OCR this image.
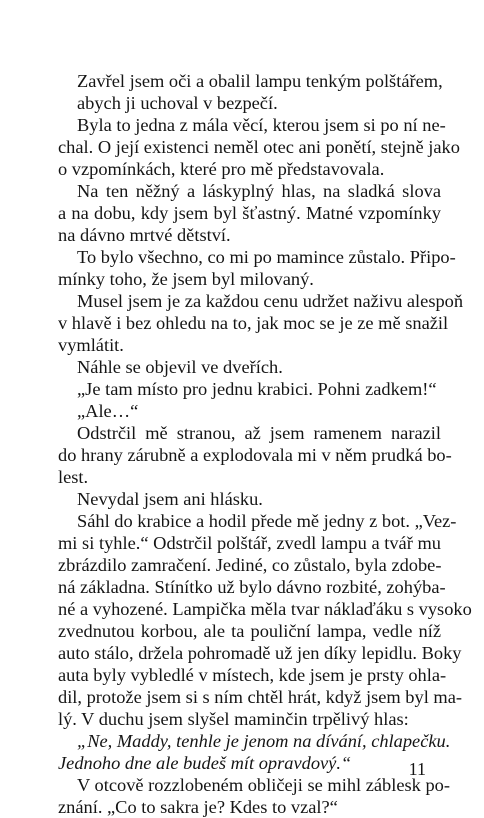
Zavřel jsem oči a obalil lampu tenkým polštářem,
abych ji uchoval v bezpečí.
Byla to jedna z mála věcí, kterou jsem si po ní ne-
chal. O její existenci neměl otec ani ponětí, stejně jako
o vzpomínkách, které pro mě představovala.
Na ten něžný a láskyplný hlas, na sladká slova
a na dobu, kdy jsem byl šťastný. Matné vzpomínky
na dávno mrtvé dětství.
To bylo všechno, co mi po mamince zůstalo. Připo-
mínky toho, že jsem byl milovaný.
Musel jsem je za každou cenu udržet naživu alespoň
v hlavě i bez ohledu na to, jak moc se je ze mě snažil
vymlátit.
Náhle se objevil ve dveřích.
„Je tam místo pro jednu krabici. Pohni zadkem!“
„Ale…“
Odstrčil mě stranou, až jsem ramenem narazil
do hrany zárubně a explodovala mi v něm prudká bo-
lest.
Nevydal jsem ani hlásku.
Sáhl do krabice a hodil přede mě jedny z bot. „Vez-
mi si tyhle.“ Odstrčil polštář, zvedl lampu a tvář mu
zbrázdilo zamračení. Jediné, co zůstalo, byla zdobe-
ná základna. Stínítko už bylo dávno rozbité, zohýba-
né a vyhozené. Lampička měla tvar náklaďáku s vysoko
zvednutou korbou, ale ta pouliční lampa, vedle níž
auto stálo, držela pohromadě už jen díky lepidlu. Boky
auta byly vybledlé v místech, kde jsem je prsty ohla-
dil, protože jsem si s ním chtěl hrát, když jsem byl ma-
lý. V duchu jsem slyšel maminčin trpělivý hlas:
„Ne, Maddy, tenhle je jenom na dívání, chlapečku.
Jednoho dne ale budeš mít opravdový.“
V otcově rozzlobeném obličeji se mihl záblesk po-
znání. „Co to sakra je? Kdes to vzal?“
11
